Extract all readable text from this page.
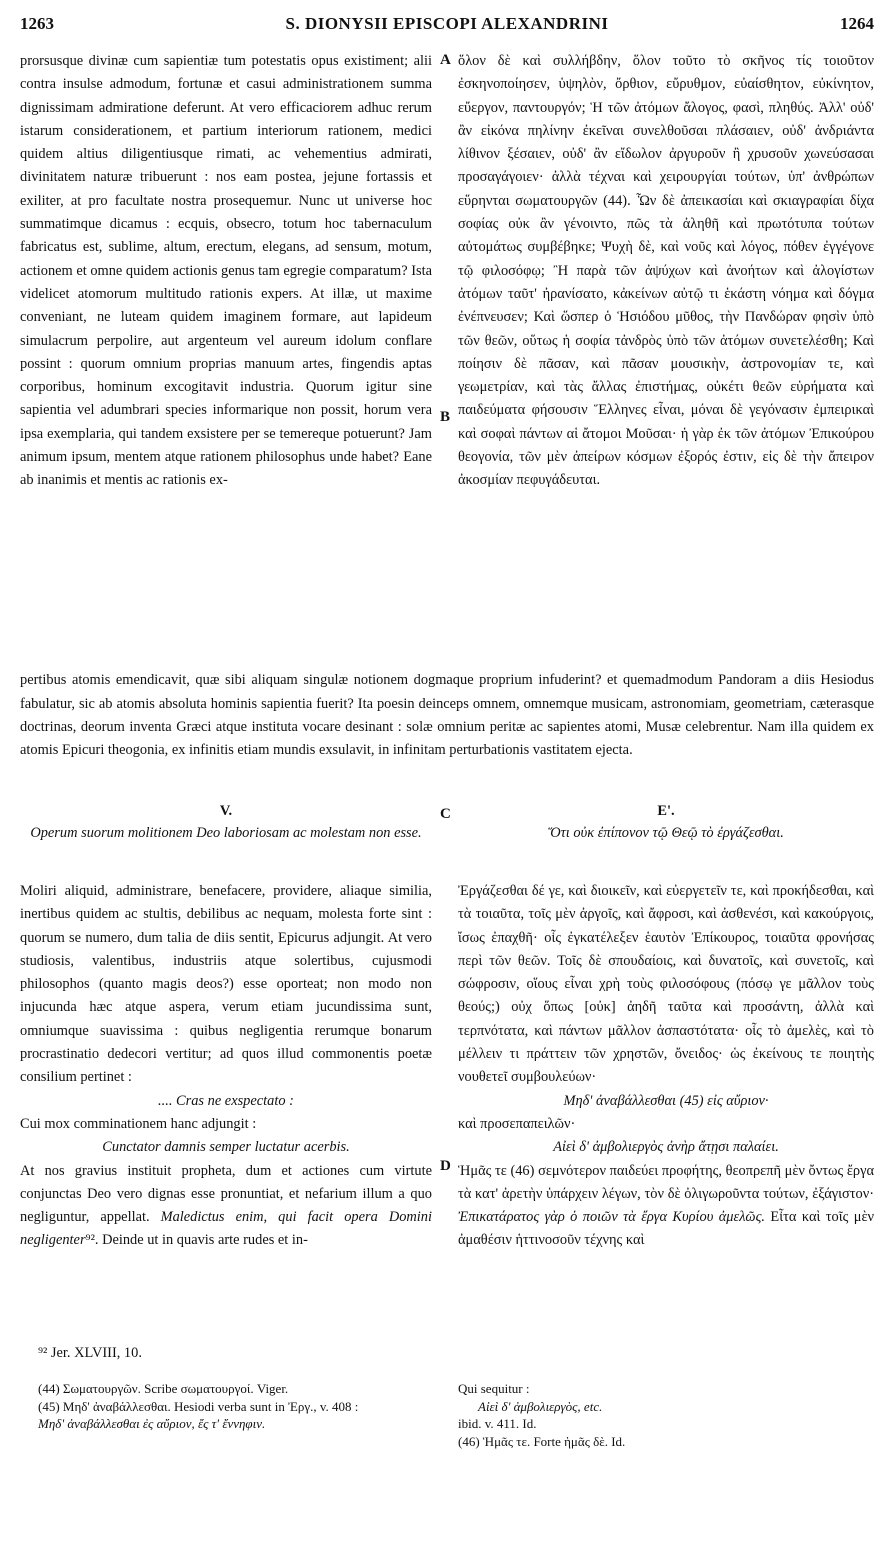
1263	S. DIONYSII EPISCOPI ALEXANDRINI	1264

prorsusque divinæ cum sapientiæ tum potestatis opus existiment; alii contra insulse admodum, fortunæ et casui administrationem summa dignissimam admiratione deferunt. At vero efficaciorem adhuc rerum istarum considerationem, et partium interiorum rationem, medici quidem altius diligentiusque rimati, ac vehementius admirati, divinitatem naturæ tribuerunt : nos eam postea, jejune fortassis et exiliter, at pro facultate nostra prosequemur. Nunc ut universe hoc summatimque dicamus : ecquis, obsecro, totum hoc tabernaculum fabricatus est, sublime, altum, erectum, elegans, ad sensum, motum, actionem et omne quidem actionis genus tam egregie comparatum? Ista videlicet atomorum multitudo rationis expers. At illæ, ut maxime conveniant, ne luteam quidem imaginem formare, aut lapideum simulacrum perpolire, aut argenteum vel aureum idolum conflare possint : quorum omnium proprias manuum artes, fingendis aptas corporibus, hominum excogitavit industria. Quorum igitur sine sapientia vel adumbrari species informarique non possit, horum vera ipsa exemplaria, qui tandem exsistere per se temereque potuerunt? Jam animum ipsum, mentem atque rationem philosophus unde habet? Eane ab inanimis et mentis ac rationis ex-

A
B

ὅλον δὲ καὶ συλλήβδην, ὅλον τοῦτο τὸ σκῆνος τίς τοιοῦτον ἐσκηνοποίησεν, ὑψηλὸν, ὄρθιον, εὔρυθμον, εὐαίσθητον, εὐκίνητον, εὔεργον, παντουργόν; Ἡ τῶν ἀτόμων ἄλογος, φασὶ, πληθύς. Ἀλλ' οὐδ' ἂν εἰκόνα πηλίνην ἐκεῖναι συνελθοῦσαι πλάσαιεν, οὐδ' ἀνδριάντα λίθινον ξέσαιεν, οὐδ' ἂν εἴδωλον ἀργυροῦν ἢ χρυσοῦν χωνεύσασαι προσαγάγοιεν· ἀλλὰ τέχναι καὶ χειρουργίαι τούτων, ὑπ' ἀνθρώπων εὕρηνται σωματουργῶν (44). Ὧν δὲ ἀπεικασίαι καὶ σκιαγραφίαι δίχα σοφίας οὐκ ἂν γένοιντο, πῶς τὰ ἀληθῆ καὶ πρωτότυπα τούτων αὐτομάτως συμβέβηκε; Ψυχὴ δὲ, καὶ νοῦς καὶ λόγος, πόθεν ἐγγέγονε τῷ φιλοσόφῳ; Ἢ παρὰ τῶν ἀψύχων καὶ ἀνοήτων καὶ ἀλογίστων ἀτόμων ταῦτ' ἠρανίσατο, κἀκείνων αὐτῷ τι ἑκάστη νόημα καὶ δόγμα ἐνέπνευσεν; Καὶ ὥσπερ ὁ Ἡσιόδου μῦθος, τὴν Πανδώραν φησὶν ὑπὸ τῶν θεῶν, οὕτως ἡ σοφία τἀνδρὸς ὑπὸ τῶν ἀτόμων συνετελέσθη; Καὶ ποίησιν δὲ πᾶσαν, καὶ πᾶσαν μουσικὴν, ἀστρονομίαν τε, καὶ γεωμετρίαν, καὶ τὰς ἄλλας ἐπιστήμας, οὐκέτι θεῶν εὑρήματα καὶ παιδεύματα φήσουσιν Ἕλληνες εἶναι, μόναι δὲ γεγόνασιν ἐμπειρικαὶ καὶ σοφαὶ πάντων αἱ ἄτομοι Μοῦσαι· ἡ γὰρ ἐκ τῶν ἀτόμων Ἐπικούρου θεογονία, τῶν μὲν ἀπείρων κόσμων ἐξορός ἐστιν, εἰς δὲ τὴν ἄπειρον ἀκοσμίαν πεφυγάδευται.

pertibus atomis emendicavit, quæ sibi aliquam singulæ notionem dogmaque proprium infuderint? et quemadmodum Pandoram a diis Hesiodus fabulatur, sic ab atomis absoluta hominis sapientia fuerit? Ita poesin deinceps omnem, omnemque musicam, astronomiam, geometriam, cæterasque doctrinas, deorum inventa Græci atque instituta vocare desinant : solæ omnium peritæ ac sapientes atomi, Musæ celebrentur. Nam illa quidem ex atomis Epicuri theogonia, ex infinitis etiam mundis exsulavit, in infinitam perturbationis vastitatem ejecta.

V.
Operum suorum molitionem Deo laboriosam ac molestam non esse.
C	E'.
Ὅτι οὐκ ἐπίπονον τῷ Θεῷ τὸ ἐργάζεσθαι.

Moliri aliquid, administrare, benefacere, providere, aliaque similia, inertibus quidem ac stultis, debilibus ac nequam, molesta forte sint : quorum se numero, dum talia de diis sentit, Epicurus adjungit. At vero studiosis, valentibus, industriis atque solertibus, cujusmodi philosophos (quanto magis deos?) esse oporteat; non modo non injucunda hæc atque aspera, verum etiam jucundissima sunt, omniumque suavissima : quibus negligentia rerumque bonarum procrastinatio dedecori vertitur; ad quos illud commonentis poetæ consilium pertinet :

.... Cras ne exspectato :

Cui mox comminationem hanc adjungit :

Cunctator damnis semper luctatur acerbis.

At nos gravius instituit propheta, dum et actiones cum virtute conjunctas Deo vero dignas esse pronuntiat, et nefarium illum a quo negliguntur, appellat. Maledictus enim, qui facit opera Domini negligenter⁹². Deinde ut in quavis arte rudes et in-

D

Ἐργάζεσθαι δέ γε, καὶ διοικεῖν, καὶ εὐεργετεῖν τε, καὶ προκήδεσθαι, καὶ τὰ τοιαῦτα, τοῖς μὲν ἀργοῖς, καὶ ἄφροσι, καὶ ἀσθενέσι, καὶ κακούργοις, ἴσως ἐπαχθῆ· οἷς ἐγκατέλεξεν ἑαυτὸν Ἐπίκουρος, τοιαῦτα φρονήσας περὶ τῶν θεῶν. Τοῖς δὲ σπουδαίοις, καὶ δυνατοῖς, καὶ συνετοῖς, καὶ σώφροσιν, οἵους εἶναι χρὴ τοὺς φιλοσόφους (πόσῳ γε μᾶλλον τοὺς θεούς;) οὐχ ὅπως [οὐκ] ἀηδῆ ταῦτα καὶ προσάντη, ἀλλὰ καὶ τερπνότατα, καὶ πάντων μᾶλλον ἀσπαστότατα· οἷς τὸ ἀμελὲς, καὶ τὸ μέλλειν τι πράττειν τῶν χρηστῶν, ὄνειδος· ὡς ἐκείνους τε ποιητὴς νουθετεῖ συμβουλεύων·

Μηδ' ἀναβάλλεσθαι (45) εἰς αὔριον·

καὶ προσεπαπειλῶν·

Αἰεὶ δ' ἀμβολιεργὸς ἀνὴρ ἄτῃσι παλαίει.

Ἡμᾶς τε (46) σεμνότερον παιδεύει προφήτης, θεοπρεπῆ μὲν ὄντως ἔργα τὰ κατ' ἀρετὴν ὑπάρχειν λέγων, τὸν δὲ ὀλιγωροῦντα τούτων, ἐξάγιστον· Ἐπικατάρατος γὰρ ὁ ποιῶν τὰ ἔργα Κυρίου ἀμελῶς. Εἶτα καὶ τοῖς μὲν ἀμαθέσιν ἡττινοσοῦν τέχνης καὶ

⁹² Jer. XLVIII, 10.

(44) Σωματουργῶν. Scribe σωματουργοί. Viger.

(45) Μηδ' ἀναβάλλεσθαι. Hesiodi verba sunt in Ἐργ., v. 408 :

Μηδ' ἀναβάλλεσθαι ἐς αὔριον, ἔς τ' ἔννηφιν.

Qui sequitur :

Αἰεὶ δ' ἀμβολιεργὸς, etc.

ibid. v. 411. Id.

(46) Ἡμᾶς τε. Forte ἡμᾶς δὲ. Id.
